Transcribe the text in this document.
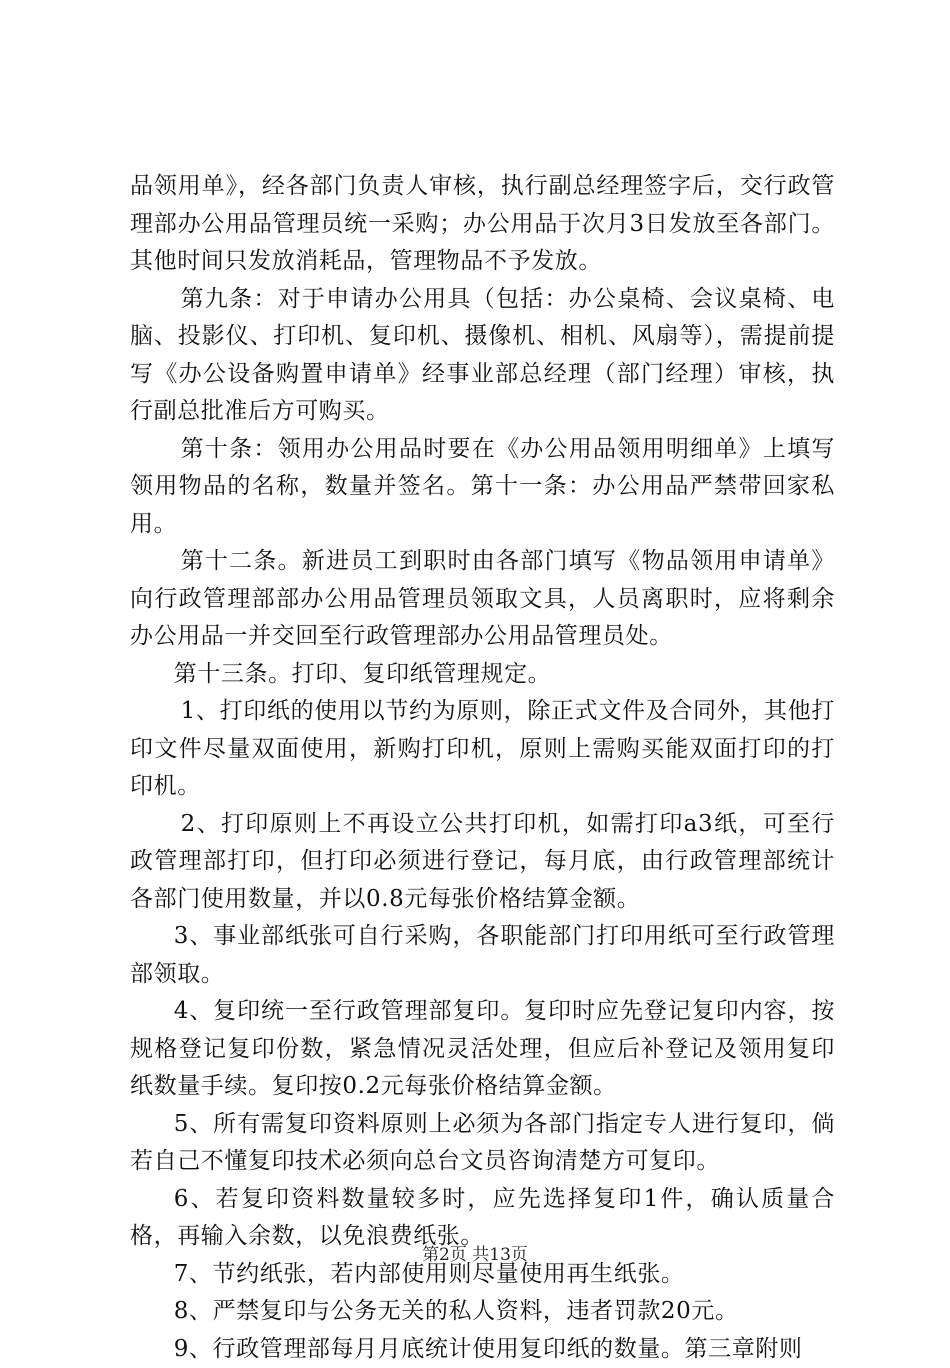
品领用单》，经各部门负责人审核，执行副总经理签字后，交行政管理部办公用品管理员统一采购；办公用品于次月3日发放至各部门。其他时间只发放消耗品，管理物品不予发放。

第九条：对于申请办公用具（包括：办公桌椅、会议桌椅、电脑、投影仪、打印机、复印机、摄像机、相机、风扇等），需提前提写《办公设备购置申请单》经事业部总经理（部门经理）审核，执行副总批准后方可购买。

第十条：领用办公用品时要在《办公用品领用明细单》上填写领用物品的名称，数量并签名。第十一条：办公用品严禁带回家私用。

第十二条。新进员工到职时由各部门填写《物品领用申请单》向行政管理部部办公用品管理员领取文具，人员离职时，应将剩余办公用品一并交回至行政管理部办公用品管理员处。

第十三条。打印、复印纸管理规定。

1、打印纸的使用以节约为原则，除正式文件及合同外，其他打印文件尽量双面使用，新购打印机，原则上需购买能双面打印的打印机。

2、打印原则上不再设立公共打印机，如需打印a3纸，可至行政管理部打印，但打印必须进行登记，每月底，由行政管理部统计各部门使用数量，并以0.8元每张价格结算金额。

3、事业部纸张可自行采购，各职能部门打印用纸可至行政管理部领取。

4、复印统一至行政管理部复印。复印时应先登记复印内容，按规格登记复印份数，紧急情况灵活处理，但应后补登记及领用复印纸数量手续。复印按0.2元每张价格结算金额。

5、所有需复印资料原则上必须为各部门指定专人进行复印，倘若自己不懂复印技术必须向总台文员咨询清楚方可复印。

6、若复印资料数量较多时，应先选择复印1件，确认质量合格，再输入余数，以免浪费纸张。

7、节约纸张，若内部使用则尽量使用再生纸张。

8、严禁复印与公务无关的私人资料，违者罚款20元。

9、行政管理部每月月底统计使用复印纸的数量。第三章附则

第2页 共13页
